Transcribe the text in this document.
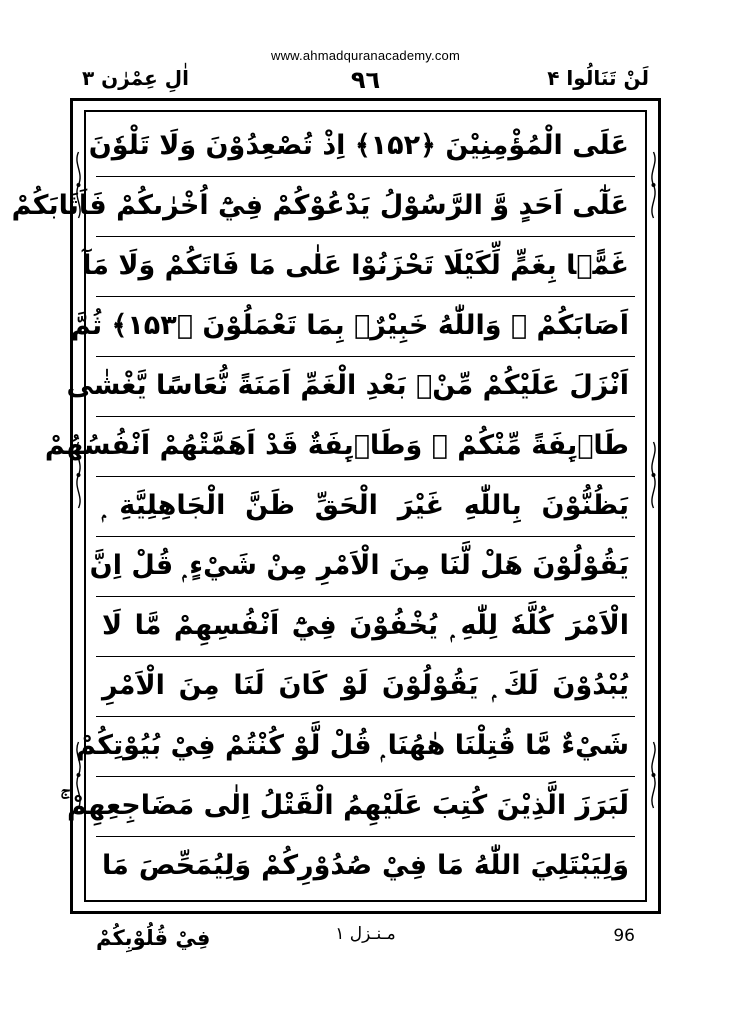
www.ahmadquranacademy.com
لَنْ تَنَالُوا ۴
٩٦
اٰلِ عِمْرٰن ۳
عَلَى الْمُؤْمِنِيْنَ ﴿۱۵۲﴾ اِذْ تُصْعِدُوْنَ وَلَا تَلْوٗنَ
عَلٰٓى اَحَدٍ وَّ الرَّسُوْلُ يَدْعُوْكُمْ فِيْٓ اُخْرٰىكُمْ فَاَثَابَكُمْ
غَمًّۢا بِغَمٍّ لِّكَيْلَا تَحْزَنُوْا عَلٰى مَا فَاتَكُمْ وَلَا مَآ
اَصَابَكُمْ ۭ وَاللّٰهُ خَبِيْرٌۢ بِمَا تَعْمَلُوْنَ ﴿۱۵۳﴾ ثُمَّ
اَنْزَلَ عَلَيْكُمْ مِّنْۢ بَعْدِ الْغَمِّ اَمَنَةً نُّعَاسًا يَّغْشٰى
طَاۗىِٕفَةً مِّنْكُمْ ۙ وَطَاۗىِٕفَةٌ قَدْ اَھَمَّتْھُمْ اَنْفُسُھُمْ
يَظُنُّوْنَ بِاللّٰهِ غَيْرَ الْحَقِّ ظَنَّ الْجَاهِلِيَّةِ ۭ
يَقُوْلُوْنَ ھَلْ لَّنَا مِنَ الْاَمْرِ مِنْ شَيْءٍ ۭ قُلْ اِنَّ
الْاَمْرَ كُلَّهٗ لِلّٰهِ ۭ يُخْفُوْنَ فِيْٓ اَنْفُسِهِمْ مَّا لَا
يُبْدُوْنَ لَكَ ۭ يَقُوْلُوْنَ لَوْ كَانَ لَنَا مِنَ الْاَمْرِ
شَيْءٌ مَّا قُتِلْنَا ھٰهُنَا ۭ قُلْ لَّوْ كُنْتُمْ فِيْ بُيُوْتِكُمْ
لَبَرَزَ الَّذِيْنَ كُتِبَ عَلَيْهِمُ الْقَتْلُ اِلٰى مَضَاجِعِهِمْ ۚ
وَلِيَبْتَلِيَ اللّٰهُ مَا فِيْ صُدُوْرِكُمْ وَلِيُمَحِّصَ مَا
96
مـنـزل ۱
فِيْ قُلُوْبِكُمْ
